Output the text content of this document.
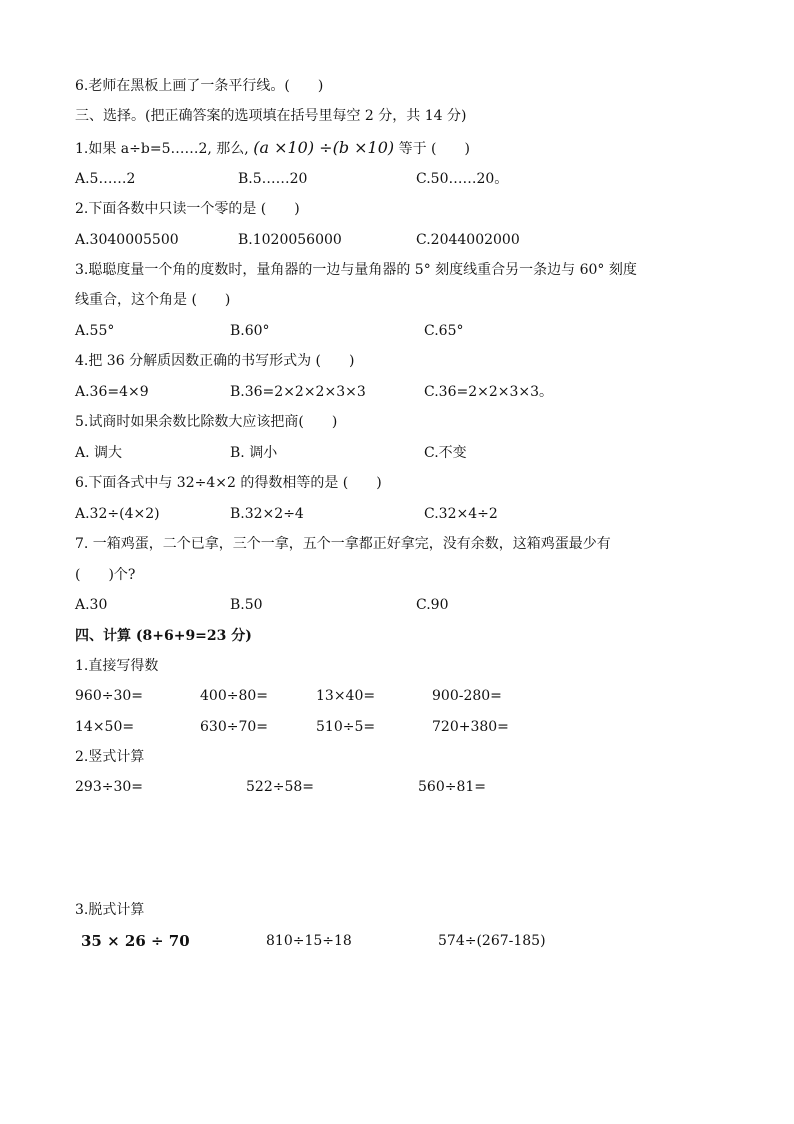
6.老师在黑板上画了一条平行线。(　　)
三、选择。(把正确答案的选项填在括号里每空 2 分，共 14 分)
1.如果 a÷b=5……2, 那么, (a ×10) ÷(b ×10) 等于 (　　)
A.5……2	B.5……20	C.50……20。
2.下面各数中只读一个零的是 (　　)
A.3040005500	B.1020056000	C.2044002000
3.聪聪度量一个角的度数时，量角器的一边与量角器的 5° 刻度线重合另一条边与 60° 刻度
线重合，这个角是 (　　)
A.55°	B.60°	C.65°
4.把 36 分解质因数正确的书写形式为 (　　)
A.36=4×9	B.36=2×2×2×3×3	C.36=2×2×3×3。
5.试商时如果余数比除数大应该把商(　　)
A. 调大	B. 调小	C.不变
6.下面各式中与 32÷4×2 的得数相等的是 (　　)
A.32÷(4×2)	B.32×2÷4	C.32×4÷2
7. 一箱鸡蛋，二个已拿，三个一拿，五个一拿都正好拿完，没有余数，这箱鸡蛋最少有
(　　)个?
A.30	B.50	C.90
四、计算 (8+6+9=23 分)
1.直接写得数
960÷30=	400÷80=	13×40=	900-280=
14×50=	630÷70=	510÷5=	720+380=
2.竖式计算
293÷30=	522÷58=	560÷81=
3.脱式计算
35 × 26 ÷ 70	810÷15÷18	574÷(267-185)
